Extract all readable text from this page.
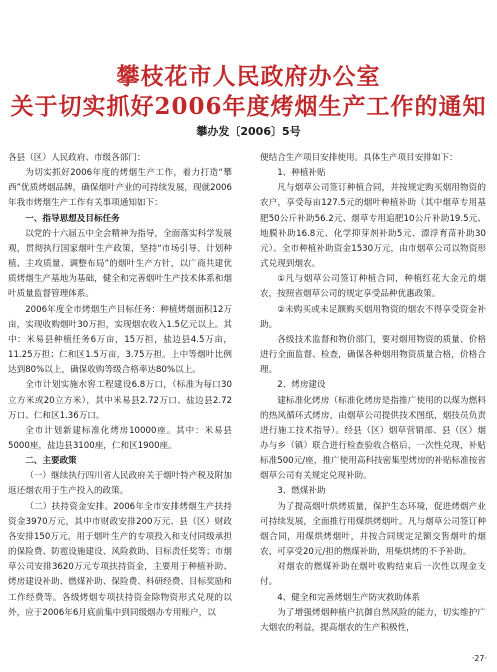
攀枝花市人民政府办公室
关于切实抓好2006年度烤烟生产工作的通知
攀办发〔2006〕5号

各县（区）人民政府、市级各部门：

为切实抓好2006年度的烤烟生产工作，着力打造“攀西”优质烤烟品牌，确保烟叶产业的可持续发展，现就2006年我市烤烟生产工作有关事项通知如下：

一、指导思想及目标任务

以党的十六届五中全会精神为指导，全面落实科学发展观，贯彻执行国家烟叶生产政策，坚持“市场引导、计划种植、主攻质量、调整布局”的烟叶生产方针，以广商共建优质烤烟生产基地为基础，健全和完善烟叶生产技术体系和烟叶质量监督管理体系。

2006年度全市烤烟生产目标任务：种植烤烟面积12万亩，实现收购烟叶30万担，实现烟农收入1.5亿元以上。其中：米易县种植任务6万亩，15万担，盐边县4.5万亩，11.25万担；仁和区1.5万亩，3.75万担。上中等烟叶比例达到80%以上，确保收购等级合格率达80%以上。

全市计划实施水窖工程建设6.8万口，（标准为每口30立方米或20立方米），其中米易县2.72万口、盐边县2.72万口、仁和区1.36万口。

全市计划新建标准化烤房10000座。其中：米易县5000座，盐边县3100座，仁和区1900座。

二、主要政策

（一）继续执行四川省人民政府关于烟叶特产税及附加返还烟农用于生产投入的政策。

（二）扶持资金安排。2006年全市安排烤烟生产扶持资金3970万元，其中市财政安排200万元、县（区）财政各安排150万元，用于烟叶生产的专项投入和支付同级承担的保险费、防雹设施建设、风险救助、目标责任奖等；市烟草公司安排3620万元专项扶持资金，主要用于种植补助、烤房建设补助、燃煤补助、保险费、科研经费、目标奖励和工作经费等。各级烤烟专项扶持资金除物资形式兑现的以外，应于2006年6月底前集中到同级烟办专用账户，以

便结合生产项目安排使用。具体生产项目安排如下：

1、种植补贴

凡与烟草公司签订种植合同，并按规定购买烟用物资的农户，享受每亩127.5元的烟叶种植补助（其中烟草专用基肥50公斤补助56.2元、烟草专用追肥10公斤补助19.5元、地膜补助16.8元、化学抑芽剂补助5元、漂浮育苗补助30元）。全市种植补助资金1530万元，由市烟草公司以物资形式兑现到烟农。

①凡与烟草公司签订种植合同，种植红花大金元的烟农，按照省烟草公司的规定享受品种优惠政策。

②未购买或未足额购买烟用物资的烟农不得享受资金补助。

各级技术监督和物价部门，要对烟用物资的质量、价格进行全面监督、检查，确保各种烟用物资质量合格，价格合理。

2、烤房建设

建标准化烤房（标准化烤房是指推广使用的以煤为燃料的热风循环式烤房，由烟草公司提供技术图纸，烟技员负责进行施工技术指导）。经县（区）烟草营销部、县（区）烟办与乡（镇）联合进行检查验收合格后，一次性兑现，补贴标准500元/座，推广使用高科技密集型烤房的补贴标准按省烟草公司有关规定兑现补助。

3、燃煤补助

为了提高烟叶烘烤质量，保护生态环境，促进烤烟产业可持续发展，全面推行用煤烘烤烟叶。凡与烟草公司签订种烟合同，用煤烘烤烟叶，并按合同规定足额交售烟叶的烟农，可享受20元/担的燃煤补助，用柴烘烤的不予补助。

对烟农的燃煤补助在烟叶收购结束后一次性以现金支付。

4、健全和完善烤烟生产防灾救助体系

为了增强烤烟种植户抗御自然风险的能力，切实维护广大烟农的利益，提高烟农的生产积极性，

·27·
